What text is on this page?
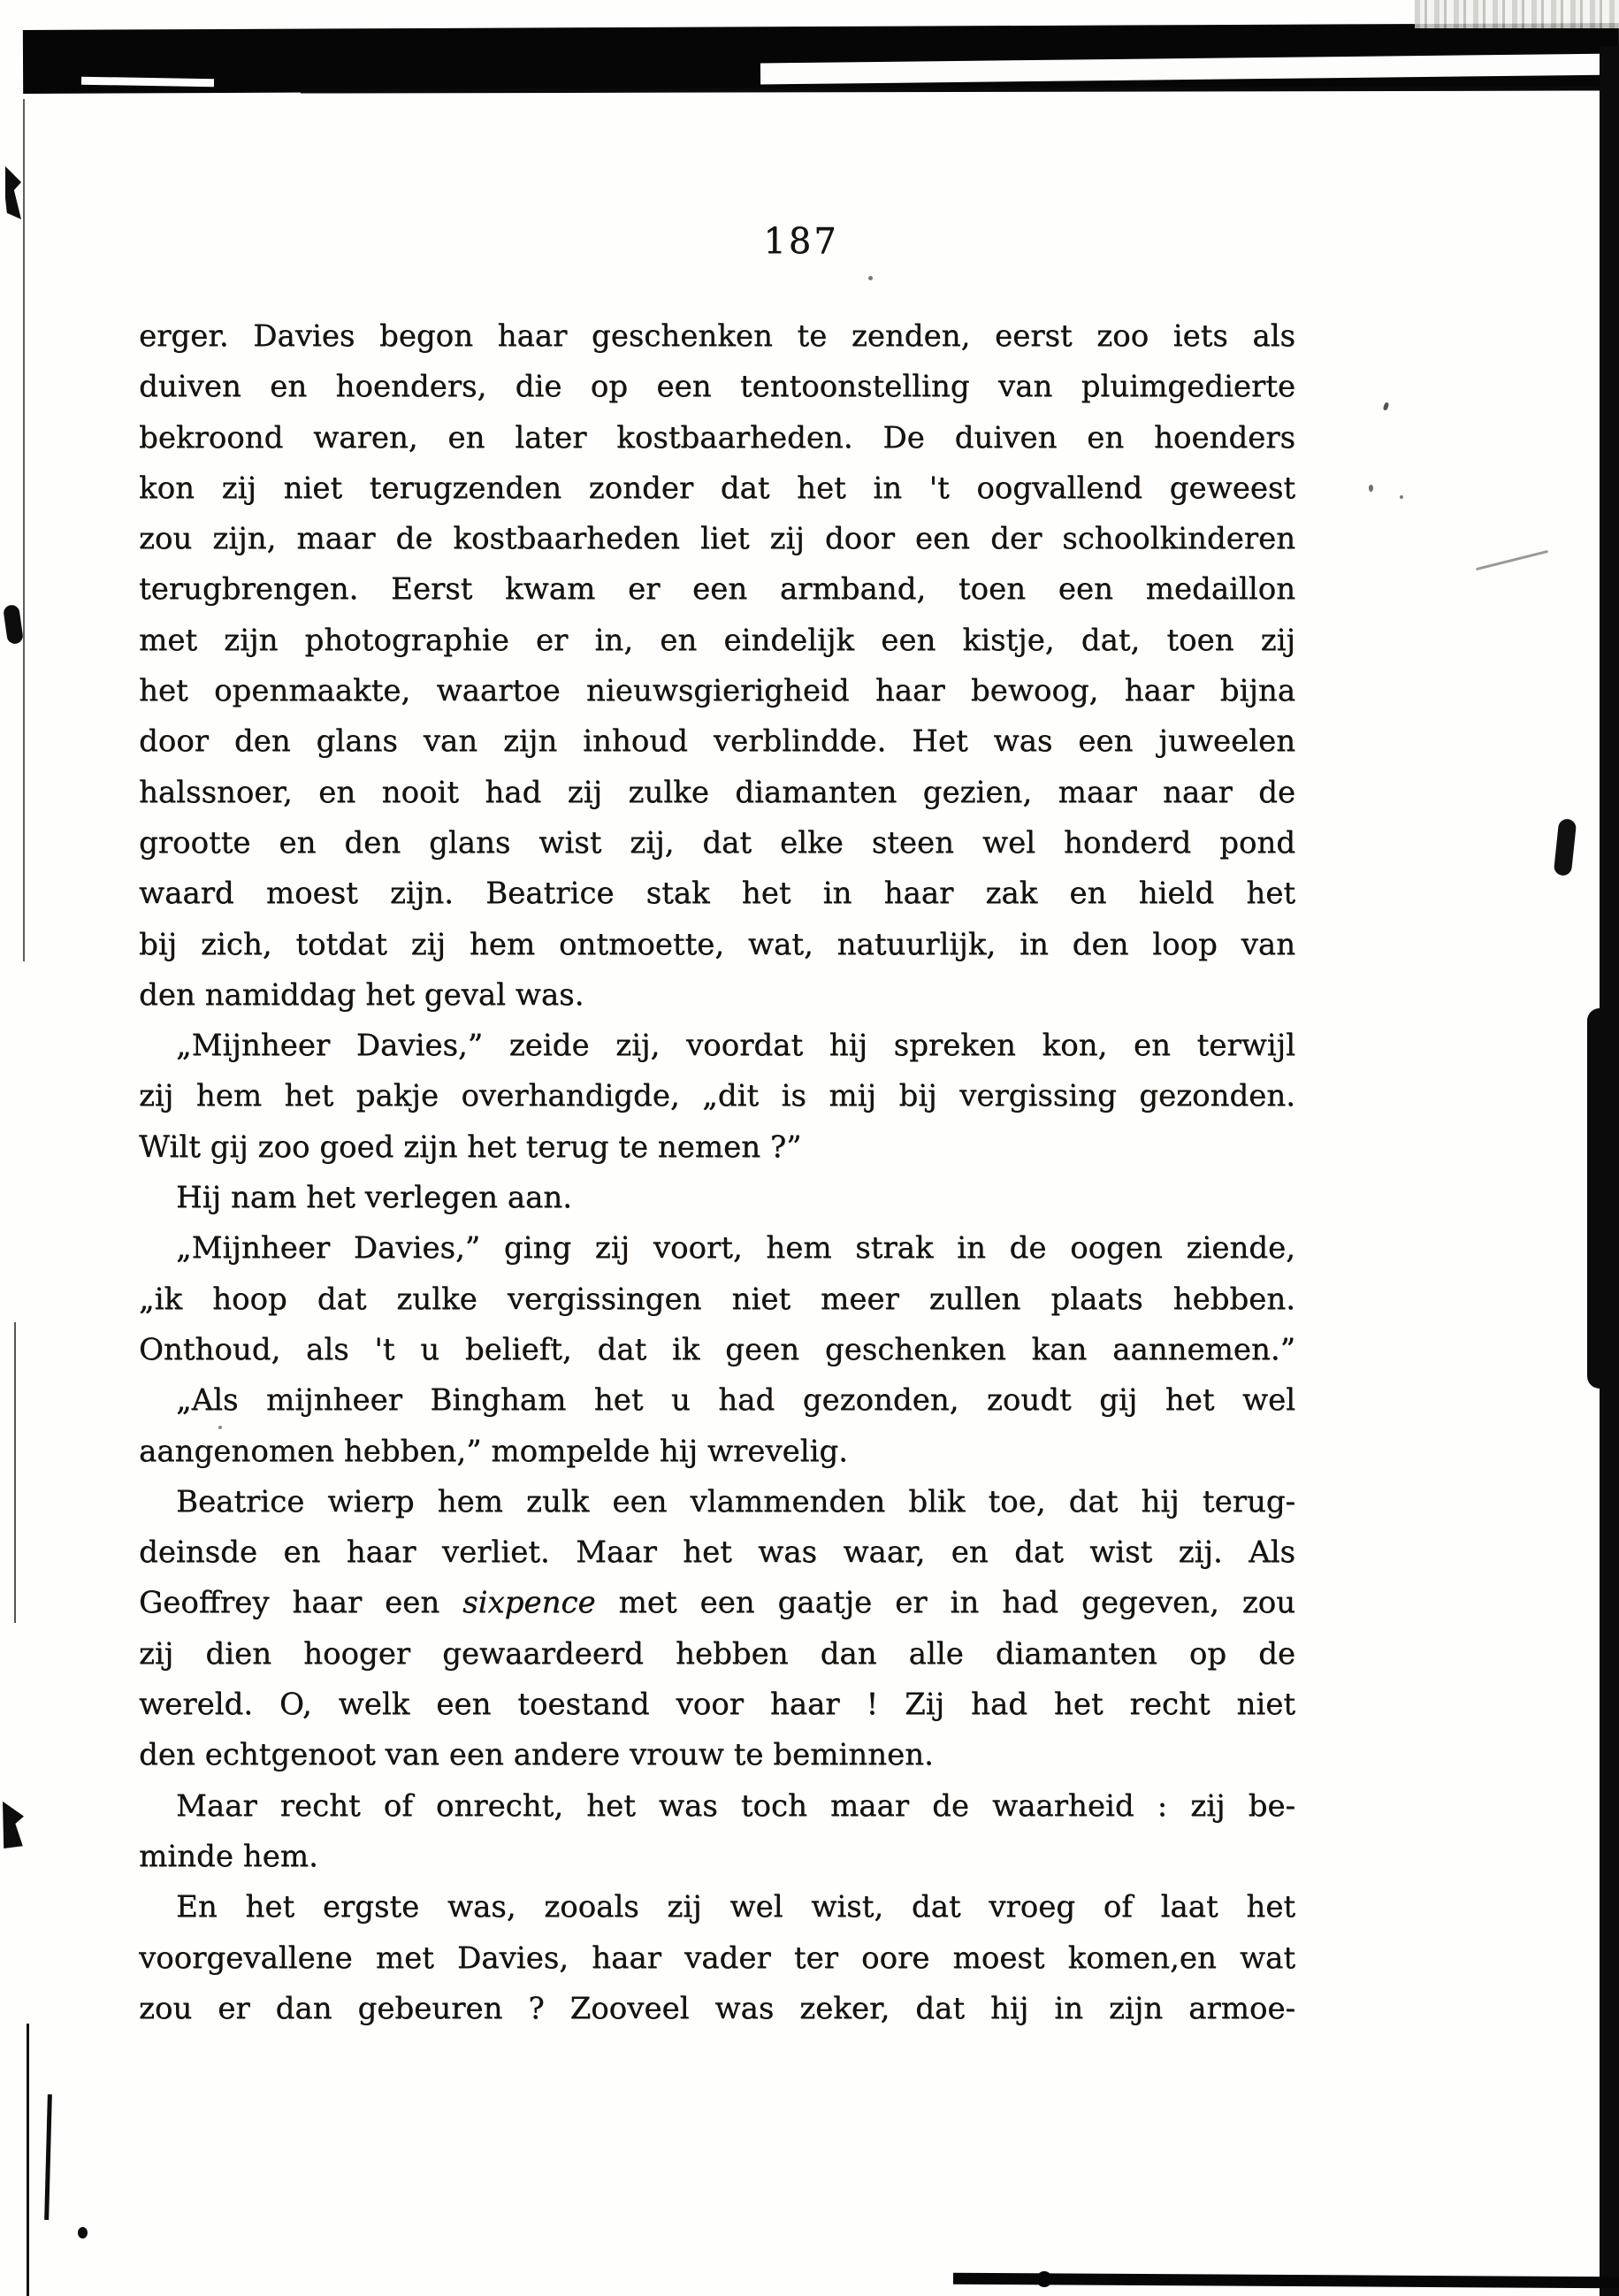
187
erger. Davies begon haar geschenken te zenden, eerst zoo iets als
duiven en hoenders, die op een tentoonstelling van pluimgedierte
bekroond waren, en later kostbaarheden. De duiven en hoenders
kon zij niet terugzenden zonder dat het in 't oogvallend geweest
zou zijn, maar de kostbaarheden liet zij door een der schoolkinderen
terugbrengen. Eerst kwam er een armband, toen een medaillon
met zijn photographie er in, en eindelijk een kistje, dat, toen zij
het openmaakte, waartoe nieuwsgierigheid haar bewoog, haar bijna
door den glans van zijn inhoud verblindde. Het was een juweelen
halssnoer, en nooit had zij zulke diamanten gezien, maar naar de
grootte en den glans wist zij, dat elke steen wel honderd pond
waard moest zijn. Beatrice stak het in haar zak en hield het
bij zich, totdat zij hem ontmoette, wat, natuurlijk, in den loop van
den namiddag het geval was.
„Mijnheer Davies,” zeide zij, voordat hij spreken kon, en terwijl
zij hem het pakje overhandigde, „dit is mij bij vergissing gezonden.
Wilt gij zoo goed zijn het terug te nemen ?”
Hij nam het verlegen aan.
„Mijnheer Davies,” ging zij voort, hem strak in de oogen ziende,
„ik hoop dat zulke vergissingen niet meer zullen plaats hebben.
Onthoud, als 't u belieft, dat ik geen geschenken kan aannemen.”
„Als mijnheer Bingham het u had gezonden, zoudt gij het wel
aangenomen hebben,” mompelde hij wrevelig.
Beatrice wierp hem zulk een vlammenden blik toe, dat hij terug-
deinsde en haar verliet. Maar het was waar, en dat wist zij. Als
Geoffrey haar een sixpence met een gaatje er in had gegeven, zou
zij dien hooger gewaardeerd hebben dan alle diamanten op de
wereld. O, welk een toestand voor haar ! Zij had het recht niet
den echtgenoot van een andere vrouw te beminnen.
Maar recht of onrecht, het was toch maar de waarheid : zij be-
minde hem.
En het ergste was, zooals zij wel wist, dat vroeg of laat het
voorgevallene met Davies, haar vader ter oore moest komen,en wat
zou er dan gebeuren ? Zooveel was zeker, dat hij in zijn armoe-
